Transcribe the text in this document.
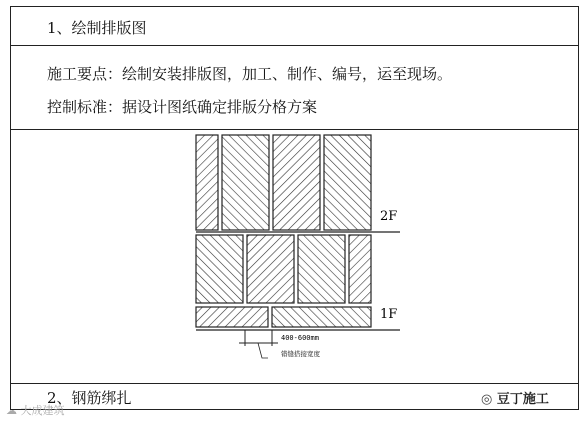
1、绘制排版图
施工要点：绘制安装排版图，加工、制作、编号，运至现场。
控制标准：据设计图纸确定排版分格方案
2、钢筋绑扎
2F
1F
400-600mm
错缝搭接宽度
☁ 大成建筑
◎ 豆丁施工
